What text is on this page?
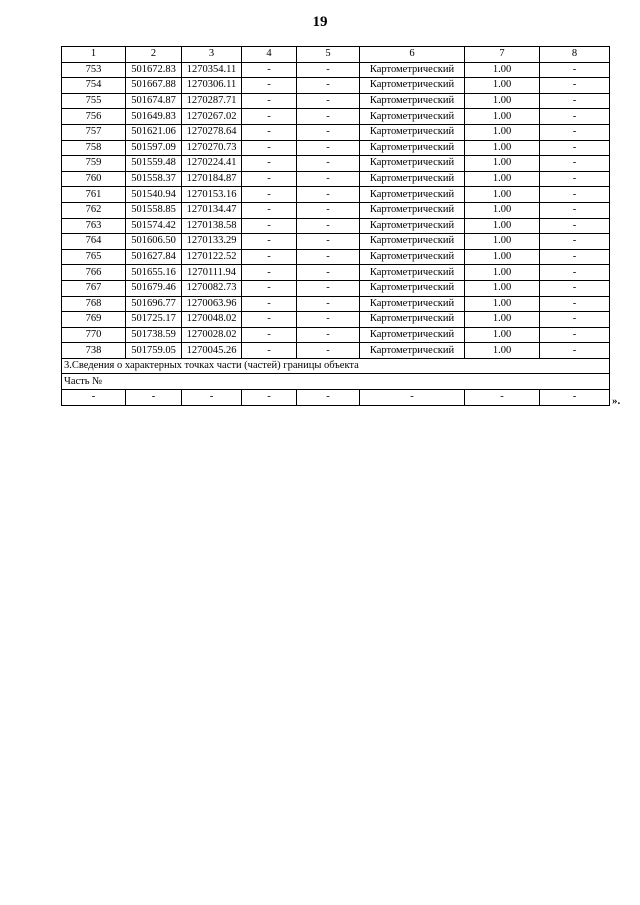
19
1	2	3	4	5	6	7	8
753	501672.83	1270354.11	-	-	Картометрический	1.00	-
754	501667.88	1270306.11	-	-	Картометрический	1.00	-
755	501674.87	1270287.71	-	-	Картометрический	1.00	-
756	501649.83	1270267.02	-	-	Картометрический	1.00	-
757	501621.06	1270278.64	-	-	Картометрический	1.00	-
758	501597.09	1270270.73	-	-	Картометрический	1.00	-
759	501559.48	1270224.41	-	-	Картометрический	1.00	-
760	501558.37	1270184.87	-	-	Картометрический	1.00	-
761	501540.94	1270153.16	-	-	Картометрический	1.00	-
762	501558.85	1270134.47	-	-	Картометрический	1.00	-
763	501574.42	1270138.58	-	-	Картометрический	1.00	-
764	501606.50	1270133.29	-	-	Картометрический	1.00	-
765	501627.84	1270122.52	-	-	Картометрический	1.00	-
766	501655.16	1270111.94	-	-	Картометрический	1.00	-
767	501679.46	1270082.73	-	-	Картометрический	1.00	-
768	501696.77	1270063.96	-	-	Картометрический	1.00	-
769	501725.17	1270048.02	-	-	Картометрический	1.00	-
770	501738.59	1270028.02	-	-	Картометрический	1.00	-
738	501759.05	1270045.26	-	-	Картометрический	1.00	-
3.Сведения о характерных точках части (частей) границы объекта							
Часть №							
-	-	-	-	-	-	-	-	».
